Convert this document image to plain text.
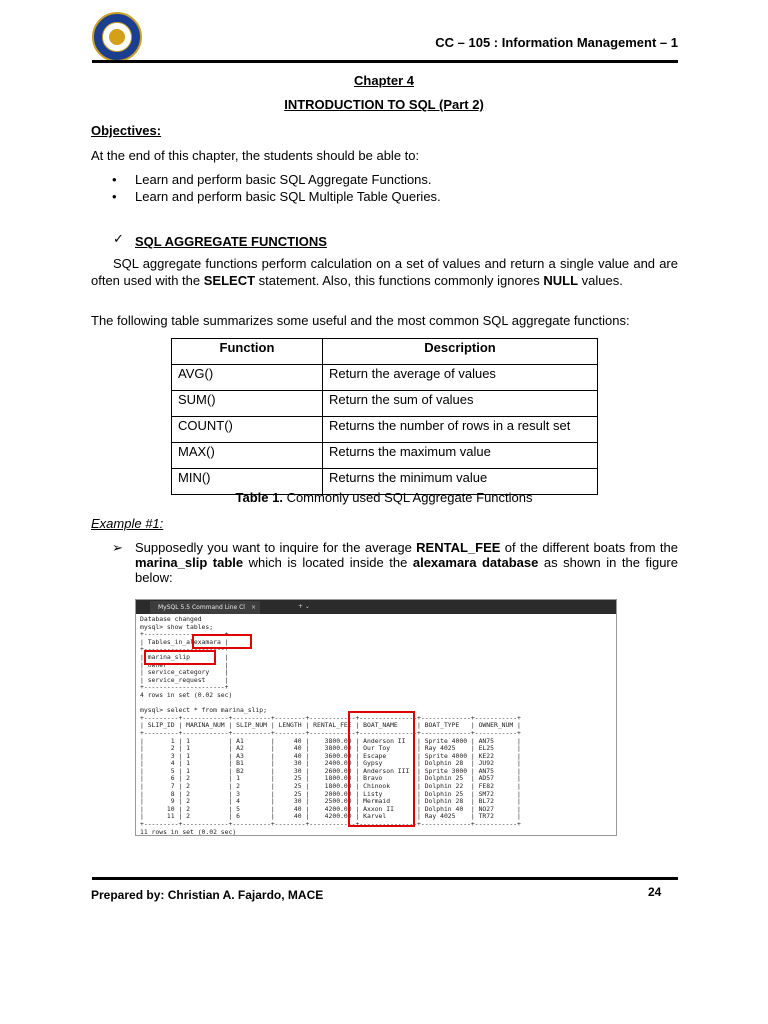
CC – 105 : Information Management – 1
Chapter 4
INTRODUCTION TO SQL (Part 2)
Objectives:
At the end of this chapter, the students should be able to:
• Learn and perform basic SQL Aggregate Functions.
• Learn and perform basic SQL Multiple Table Queries.
✓ SQL AGGREGATE FUNCTIONS
SQL aggregate functions perform calculation on a set of values and return a single value and are often used with the SELECT statement. Also, this functions commonly ignores NULL values.
The following table summarizes some useful and the most common SQL aggregate functions:
Function	Description
AVG()	Return the average of values
SUM()	Return the sum of values
COUNT()	Returns the number of rows in a result set
MAX()	Returns the maximum value
MIN()	Returns the minimum value
Table 1. Commonly used SQL Aggregate Functions
Example #1:
➢ Supposedly you want to inquire for the average RENTAL_FEE of the different boats from the marina_slip table which is located inside the alexamara database as shown in the figure below:
MySQL 5.5 Command Line Cl ×	+ ⌄
Database changed
mysql> show tables;
+---------------------+
| Tables_in_alexamara |
+---------------------+
| marina_slip         |
| owner               |
| service_category    |
| service_request     |
+---------------------+
4 rows in set (0.02 sec)

mysql> select * from marina_slip;
+---------+------------+----------+--------+------------+---------------+-------------+-----------+
| SLIP_ID | MARINA_NUM | SLIP_NUM | LENGTH | RENTAL_FEE | BOAT_NAME     | BOAT_TYPE   | OWNER_NUM |
+---------+------------+----------+--------+------------+---------------+-------------+-----------+
|       1 | 1          | A1       |     40 |    3800.00 | Anderson II   | Sprite 4000 | AN75      |
|       2 | 1          | A2       |     40 |    3800.00 | Our Toy       | Ray 4025    | EL25      |
|       3 | 1          | A3       |     40 |    3600.00 | Escape        | Sprite 4000 | KE22      |
|       4 | 1          | B1       |     30 |    2400.00 | Gypsy         | Dolphin 28  | JU92      |
|       5 | 1          | B2       |     30 |    2600.00 | Anderson III  | Sprite 3000 | AN75      |
|       6 | 2          | 1        |     25 |    1800.00 | Bravo         | Dolphin 25  | AD57      |
|       7 | 2          | 2        |     25 |    1800.00 | Chinook       | Dolphin 22  | FE82      |
|       8 | 2          | 3        |     25 |    2000.00 | Listy         | Dolphin 25  | SM72      |
|       9 | 2          | 4        |     30 |    2500.00 | Mermaid       | Dolphin 28  | BL72      |
|      10 | 2          | 5        |     40 |    4200.00 | Axxon II      | Dolphin 40  | NO27      |
|      11 | 2          | 6        |     40 |    4200.00 | Karvel        | Ray 4025    | TR72      |
+---------+------------+----------+--------+------------+---------------+-------------+-----------+
11 rows in set (0.02 sec)
Prepared by: Christian A. Fajardo, MACE	24
